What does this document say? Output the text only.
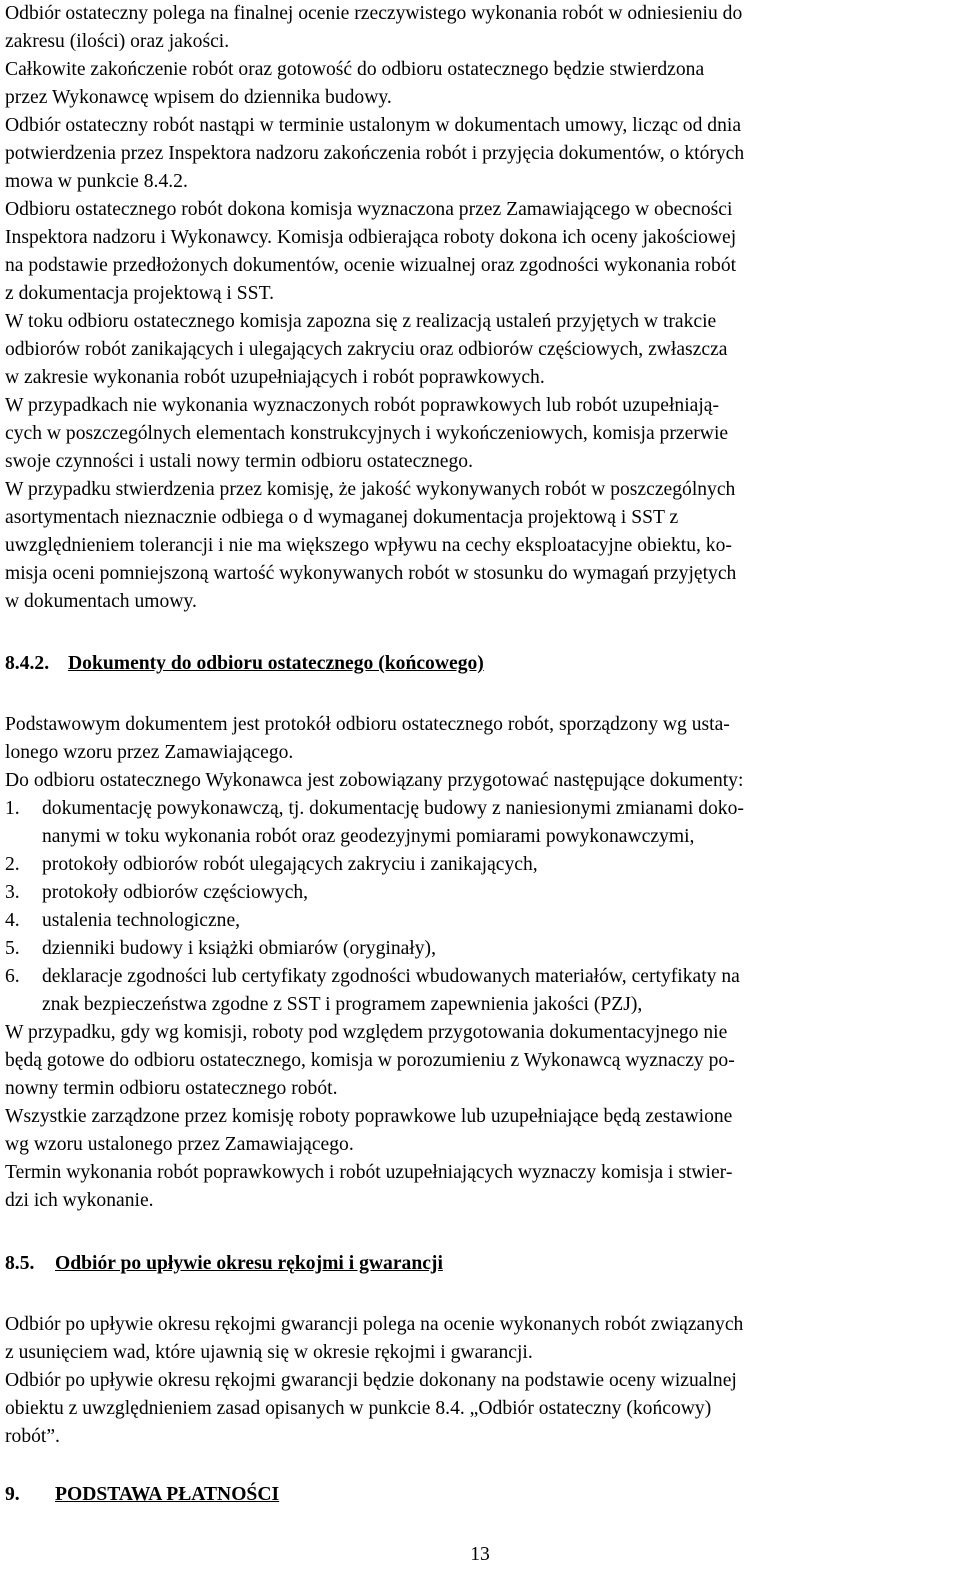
Odbiór ostateczny polega na finalnej ocenie rzeczywistego wykonania robót w odniesieniu do
zakresu (ilości) oraz jakości.
Całkowite zakończenie robót oraz gotowość do odbioru ostatecznego będzie stwierdzona
przez Wykonawcę wpisem do dziennika budowy.
Odbiór ostateczny robót nastąpi w terminie ustalonym w dokumentach umowy, licząc od dnia
potwierdzenia przez Inspektora nadzoru zakończenia robót i przyjęcia dokumentów, o których
mowa w punkcie 8.4.2.
Odbioru ostatecznego robót dokona komisja wyznaczona przez Zamawiającego w obecności
Inspektora nadzoru i Wykonawcy. Komisja odbierająca roboty dokona ich oceny jakościowej
na podstawie przedłożonych dokumentów, ocenie wizualnej oraz zgodności wykonania robót
z dokumentacja projektową i SST.
W toku odbioru ostatecznego komisja zapozna się z realizacją ustaleń przyjętych w trakcie
odbiorów robót zanikających i ulegających zakryciu oraz odbiorów częściowych, zwłaszcza
w zakresie wykonania robót uzupełniających i robót poprawkowych.
W przypadkach nie wykonania wyznaczonych robót poprawkowych lub robót uzupełniają-
cych w poszczególnych elementach konstrukcyjnych i wykończeniowych, komisja przerwie
swoje czynności i ustali nowy termin odbioru ostatecznego.
W przypadku stwierdzenia przez komisję, że jakość wykonywanych robót w poszczególnych
asortymentach nieznacznie odbiega o d wymaganej dokumentacja projektową i SST z
uwzględnieniem tolerancji i nie ma większego wpływu na cechy eksploatacyjne obiektu, ko-
misja oceni pomniejszoną wartość wykonywanych robót w stosunku do wymagań przyjętych
w dokumentach umowy.
8.4.2. Dokumenty do odbioru ostatecznego (końcowego)
Podstawowym dokumentem jest protokół odbioru ostatecznego robót, sporządzony wg usta-
lonego wzoru przez Zamawiającego.
Do odbioru ostatecznego Wykonawca jest zobowiązany przygotować następujące dokumenty:
1. dokumentację powykonawczą, tj. dokumentację budowy z naniesionymi zmianami doko-
nanymi w toku wykonania robót oraz geodezyjnymi pomiarami powykonawczymi,
2. protokoły odbiorów robót ulegających zakryciu i zanikających,
3. protokoły odbiorów częściowych,
4. ustalenia technologiczne,
5. dzienniki budowy i książki obmiarów (oryginały),
6. deklaracje zgodności lub certyfikaty zgodności wbudowanych materiałów, certyfikaty na
znak bezpieczeństwa zgodne z SST i programem zapewnienia jakości (PZJ),
W przypadku, gdy wg komisji, roboty pod względem przygotowania dokumentacyjnego nie
będą gotowe do odbioru ostatecznego, komisja w porozumieniu z Wykonawcą wyznaczy po-
nowny termin odbioru ostatecznego robót.
Wszystkie zarządzone przez komisję roboty poprawkowe lub uzupełniające będą zestawione
wg wzoru ustalonego przez Zamawiającego.
Termin wykonania robót poprawkowych i robót uzupełniających wyznaczy komisja i stwier-
dzi ich wykonanie.
8.5. Odbiór po upływie okresu rękojmi i gwarancji
Odbiór po upływie okresu rękojmi gwarancji polega na ocenie wykonanych robót związanych
z usunięciem wad, które ujawnią się w okresie rękojmi i gwarancji.
Odbiór po upływie okresu rękojmi gwarancji będzie dokonany na podstawie oceny wizualnej
obiektu z uwzględnieniem zasad opisanych w punkcie 8.4. „Odbiór ostateczny (końcowy)
robót”.
9. PODSTAWA PŁATNOŚCI
13
